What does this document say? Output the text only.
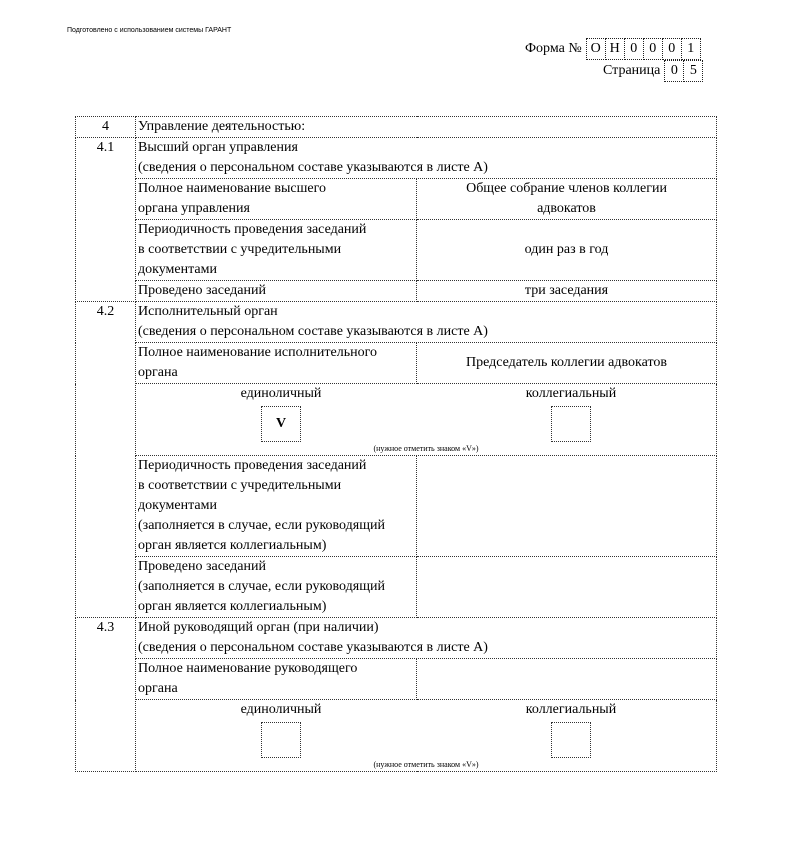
Подготовлено с использованием системы ГАРАНТ
Форма № О Н 0 0 0 1
Страница 0 5
4	Управление деятельностью:	
4.1	Высший орган управления
(сведения о персональном составе указываются в листе А)	

	Полное наименование высшего
органа управления	Общее собрание членов коллегии
адвокатов

	Периодичность проведения заседаний
в соответствии с учредительными
документами	один раз в год
	Проведено заседаний	три заседания
4.2	Исполнительный орган
(сведения о персональном составе указываются в листе А)	

	Полное наименование исполнительного
органа	Председатель коллегии адвокатов

	единоличный
V
коллегиальный
(нужное отметить знаком «V»)	

	Периодичность проведения заседаний
в соответствии с учредительными
документами
(заполняется в случае, если руководящий
орган является коллегиальным)	

	Проведено заседаний
(заполняется в случае, если руководящий
орган является коллегиальным)	

4.3	Иной руководящий орган (при наличии)
(сведения о персональном составе указываются в листе А)	

	Полное наименование руководящего
органа	

	единоличный коллегиальный
(нужное отметить знаком «V»)	
